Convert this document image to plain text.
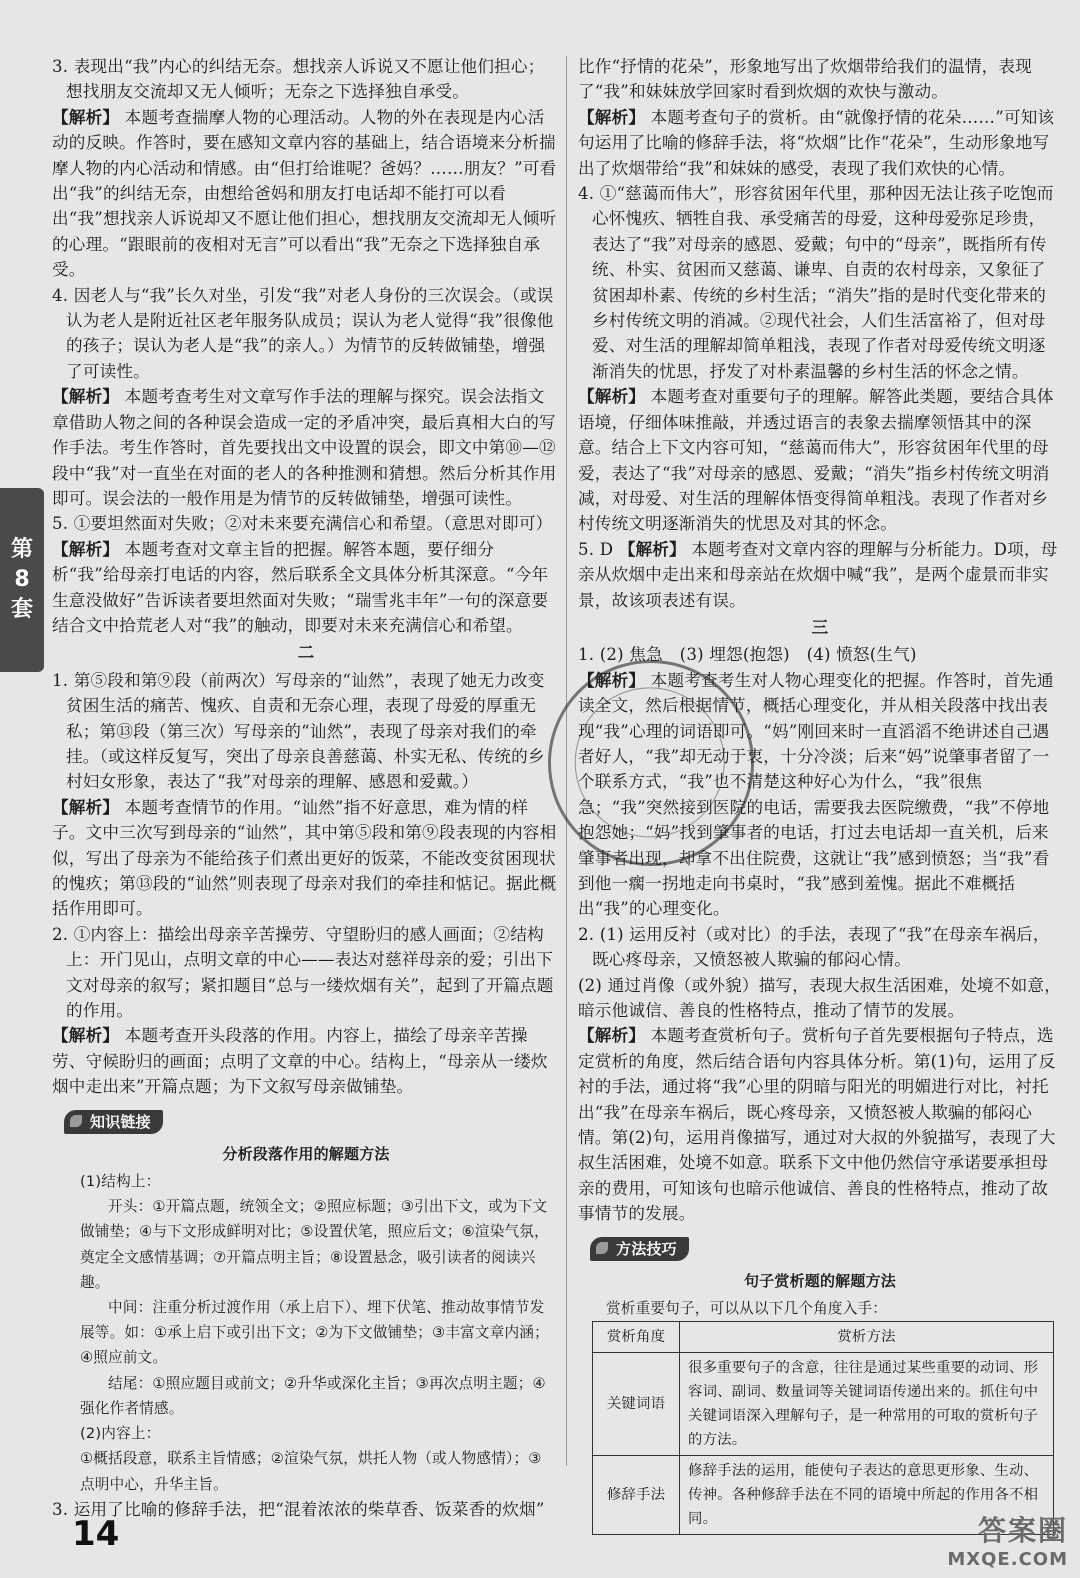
第
8
套

3. 表现出“我”内心的纠结无奈。想找亲人诉说又不愿让他们担心；想找朋友交流却又无人倾听；无奈之下选择独自承受。

【解析】 本题考查揣摩人物的心理活动。人物的外在表现是内心活动的反映。作答时，要在感知文章内容的基础上，结合语境来分析揣摩人物的内心活动和情感。由“但打给谁呢？爸妈？……朋友？”可看出“我”的纠结无奈，由想给爸妈和朋友打电话却不能打可以看出“我”想找亲人诉说却又不愿让他们担心，想找朋友交流却无人倾听的心理。“跟眼前的夜相对无言”可以看出“我”无奈之下选择独自承受。

4. 因老人与“我”长久对坐，引发“我”对老人身份的三次误会。（或误认为老人是附近社区老年服务队成员；误认为老人觉得“我”很像他的孩子；误认为老人是“我”的亲人。）为情节的反转做铺垫，增强了可读性。

【解析】 本题考查考生对文章写作手法的理解与探究。误会法指文章借助人物之间的各种误会造成一定的矛盾冲突，最后真相大白的写作手法。考生作答时，首先要找出文中设置的误会，即文中第⑩—⑫段中“我”对一直坐在对面的老人的各种推测和猜想。然后分析其作用即可。误会法的一般作用是为情节的反转做铺垫，增强可读性。

5. ①要坦然面对失败；②对未来要充满信心和希望。（意思对即可）

【解析】 本题考查对文章主旨的把握。解答本题，要仔细分析“我”给母亲打电话的内容，然后联系全文具体分析其深意。“今年生意没做好”告诉读者要坦然面对失败；“瑞雪兆丰年”一句的深意要结合文中拾荒老人对“我”的触动，即要对未来充满信心和希望。

二

1. 第⑤段和第⑨段（前两次）写母亲的“讪然”，表现了她无力改变贫困生活的痛苦、愧疚、自责和无奈心理，表现了母爱的厚重无私；第⑬段（第三次）写母亲的“讪然”，表现了母亲对我们的牵挂。（或这样反复写，突出了母亲良善慈蔼、朴实无私、传统的乡村妇女形象，表达了“我”对母亲的理解、感恩和爱戴。）

【解析】 本题考查情节的作用。“讪然”指不好意思，难为情的样子。文中三次写到母亲的“讪然”，其中第⑤段和第⑨段表现的内容相似，写出了母亲为不能给孩子们煮出更好的饭菜，不能改变贫困现状的愧疚；第⑬段的“讪然”则表现了母亲对我们的牵挂和惦记。据此概括作用即可。

2. ①内容上：描绘出母亲辛苦操劳、守望盼归的感人画面；②结构上：开门见山，点明文章的中心——表达对慈祥母亲的爱；引出下文对母亲的叙写；紧扣题目“总与一缕炊烟有关”，起到了开篇点题的作用。

【解析】 本题考查开头段落的作用。内容上，描绘了母亲辛苦操劳、守候盼归的画面；点明了文章的中心。结构上，“母亲从一缕炊烟中走出来”开篇点题；为下文叙写母亲做铺垫。

知识链接

分析段落作用的解题方法

(1)结构上：

开头：①开篇点题，统领全文；②照应标题；③引出下文，或为下文做铺垫；④与下文形成鲜明对比；⑤设置伏笔，照应后文；⑥渲染气氛，奠定全文感情基调；⑦开篇点明主旨；⑧设置悬念，吸引读者的阅读兴趣。

中间：注重分析过渡作用（承上启下）、埋下伏笔、推动故事情节发展等。如：①承上启下或引出下文；②为下文做铺垫；③丰富文章内涵；④照应前文。

结尾：①照应题目或前文；②升华或深化主旨；③再次点明主题；④强化作者情感。

(2)内容上：

①概括段意，联系主旨情感；②渲染气氛，烘托人物（或人物感情）；③点明中心，升华主旨。

3. 运用了比喻的修辞手法，把“混着浓浓的柴草香、饭菜香的炊烟”

比作“抒情的花朵”，形象地写出了炊烟带给我们的温情，表现了“我”和妹妹放学回家时看到炊烟的欢快与激动。

【解析】 本题考查句子的赏析。由“就像抒情的花朵……”可知该句运用了比喻的修辞手法，将“炊烟”比作“花朵”，生动形象地写出了炊烟带给“我”和妹妹的感受，表现了我们欢快的心情。

4. ①“慈蔼而伟大”，形容贫困年代里，那种因无法让孩子吃饱而心怀愧疚、牺牲自我、承受痛苦的母爱，这种母爱弥足珍贵，表达了“我”对母亲的感恩、爱戴；句中的“母亲”，既指所有传统、朴实、贫困而又慈蔼、谦卑、自责的农村母亲，又象征了贫困却朴素、传统的乡村生活；“消失”指的是时代变化带来的乡村传统文明的消减。②现代社会，人们生活富裕了，但对母爱、对生活的理解却简单粗浅，表现了作者对母爱传统文明逐渐消失的忧思，抒发了对朴素温馨的乡村生活的怀念之情。

【解析】 本题考查对重要句子的理解。解答此类题，要结合具体语境，仔细体味推敲，并透过语言的表象去揣摩领悟其中的深意。结合上下文内容可知，“慈蔼而伟大”，形容贫困年代里的母爱，表达了“我”对母亲的感恩、爱戴；“消失”指乡村传统文明消减，对母爱、对生活的理解体悟变得简单粗浅。表现了作者对乡村传统文明逐渐消失的忧思及对其的怀念。

5. D 【解析】 本题考查对文章内容的理解与分析能力。D项，母亲从炊烟中走出来和母亲站在炊烟中喊“我”，是两个虚景而非实景，故该项表述有误。

三

1. (2) 焦急　(3) 埋怨(抱怨)　(4) 愤怒(生气)

【解析】 本题考查考生对人物心理变化的把握。作答时，首先通读全文，然后根据情节，概括心理变化，并从相关段落中找出表现“我”心理的词语即可。“妈”刚回来时一直滔滔不绝讲述自己遇者好人，“我”却无动于衷，十分冷淡；后来“妈”说肇事者留了一个联系方式，“我”也不清楚这种好心为什么，“我”很焦急；“我”突然接到医院的电话，需要我去医院缴费，“我”不停地抱怨她；“妈”找到肇事者的电话，打过去电话却一直关机，后来肇事者出现，却拿不出住院费，这就让“我”感到愤怒；当“我”看到他一瘸一拐地走向书桌时，“我”感到羞愧。据此不难概括出“我”的心理变化。

2. (1) 运用反衬（或对比）的手法，表现了“我”在母亲车祸后，既心疼母亲，又愤怒被人欺骗的郁闷心情。

(2) 通过肖像（或外貌）描写，表现大叔生活困难，处境不如意，暗示他诚信、善良的性格特点，推动了情节的发展。

【解析】 本题考查赏析句子。赏析句子首先要根据句子特点，选定赏析的角度，然后结合语句内容具体分析。第(1)句，运用了反衬的手法，通过将“我”心里的阴暗与阳光的明媚进行对比，衬托出“我”在母亲车祸后，既心疼母亲，又愤怒被人欺骗的郁闷心情。第(2)句，运用肖像描写，通过对大叔的外貌描写，表现了大叔生活困难，处境不如意。联系下文中他仍然信守承诺要承担母亲的费用，可知该句也暗示他诚信、善良的性格特点，推动了故事情节的发展。

方法技巧

句子赏析题的解题方法

赏析重要句子，可以从以下几个角度入手：

赏析角度	赏析方法
关键词语	很多重要句子的含意，往往是通过某些重要的动词、形容词、副词、数量词等关键词语传递出来的。抓住句中关键词语深入理解句子，是一种常用的可取的赏析句子的方法。
修辞手法	修辞手法的运用，能使句子表达的意思更形象、生动、传神。各种修辞手法在不同的语境中所起的作用各不相同。
14	答案圈
MXQE.COM
